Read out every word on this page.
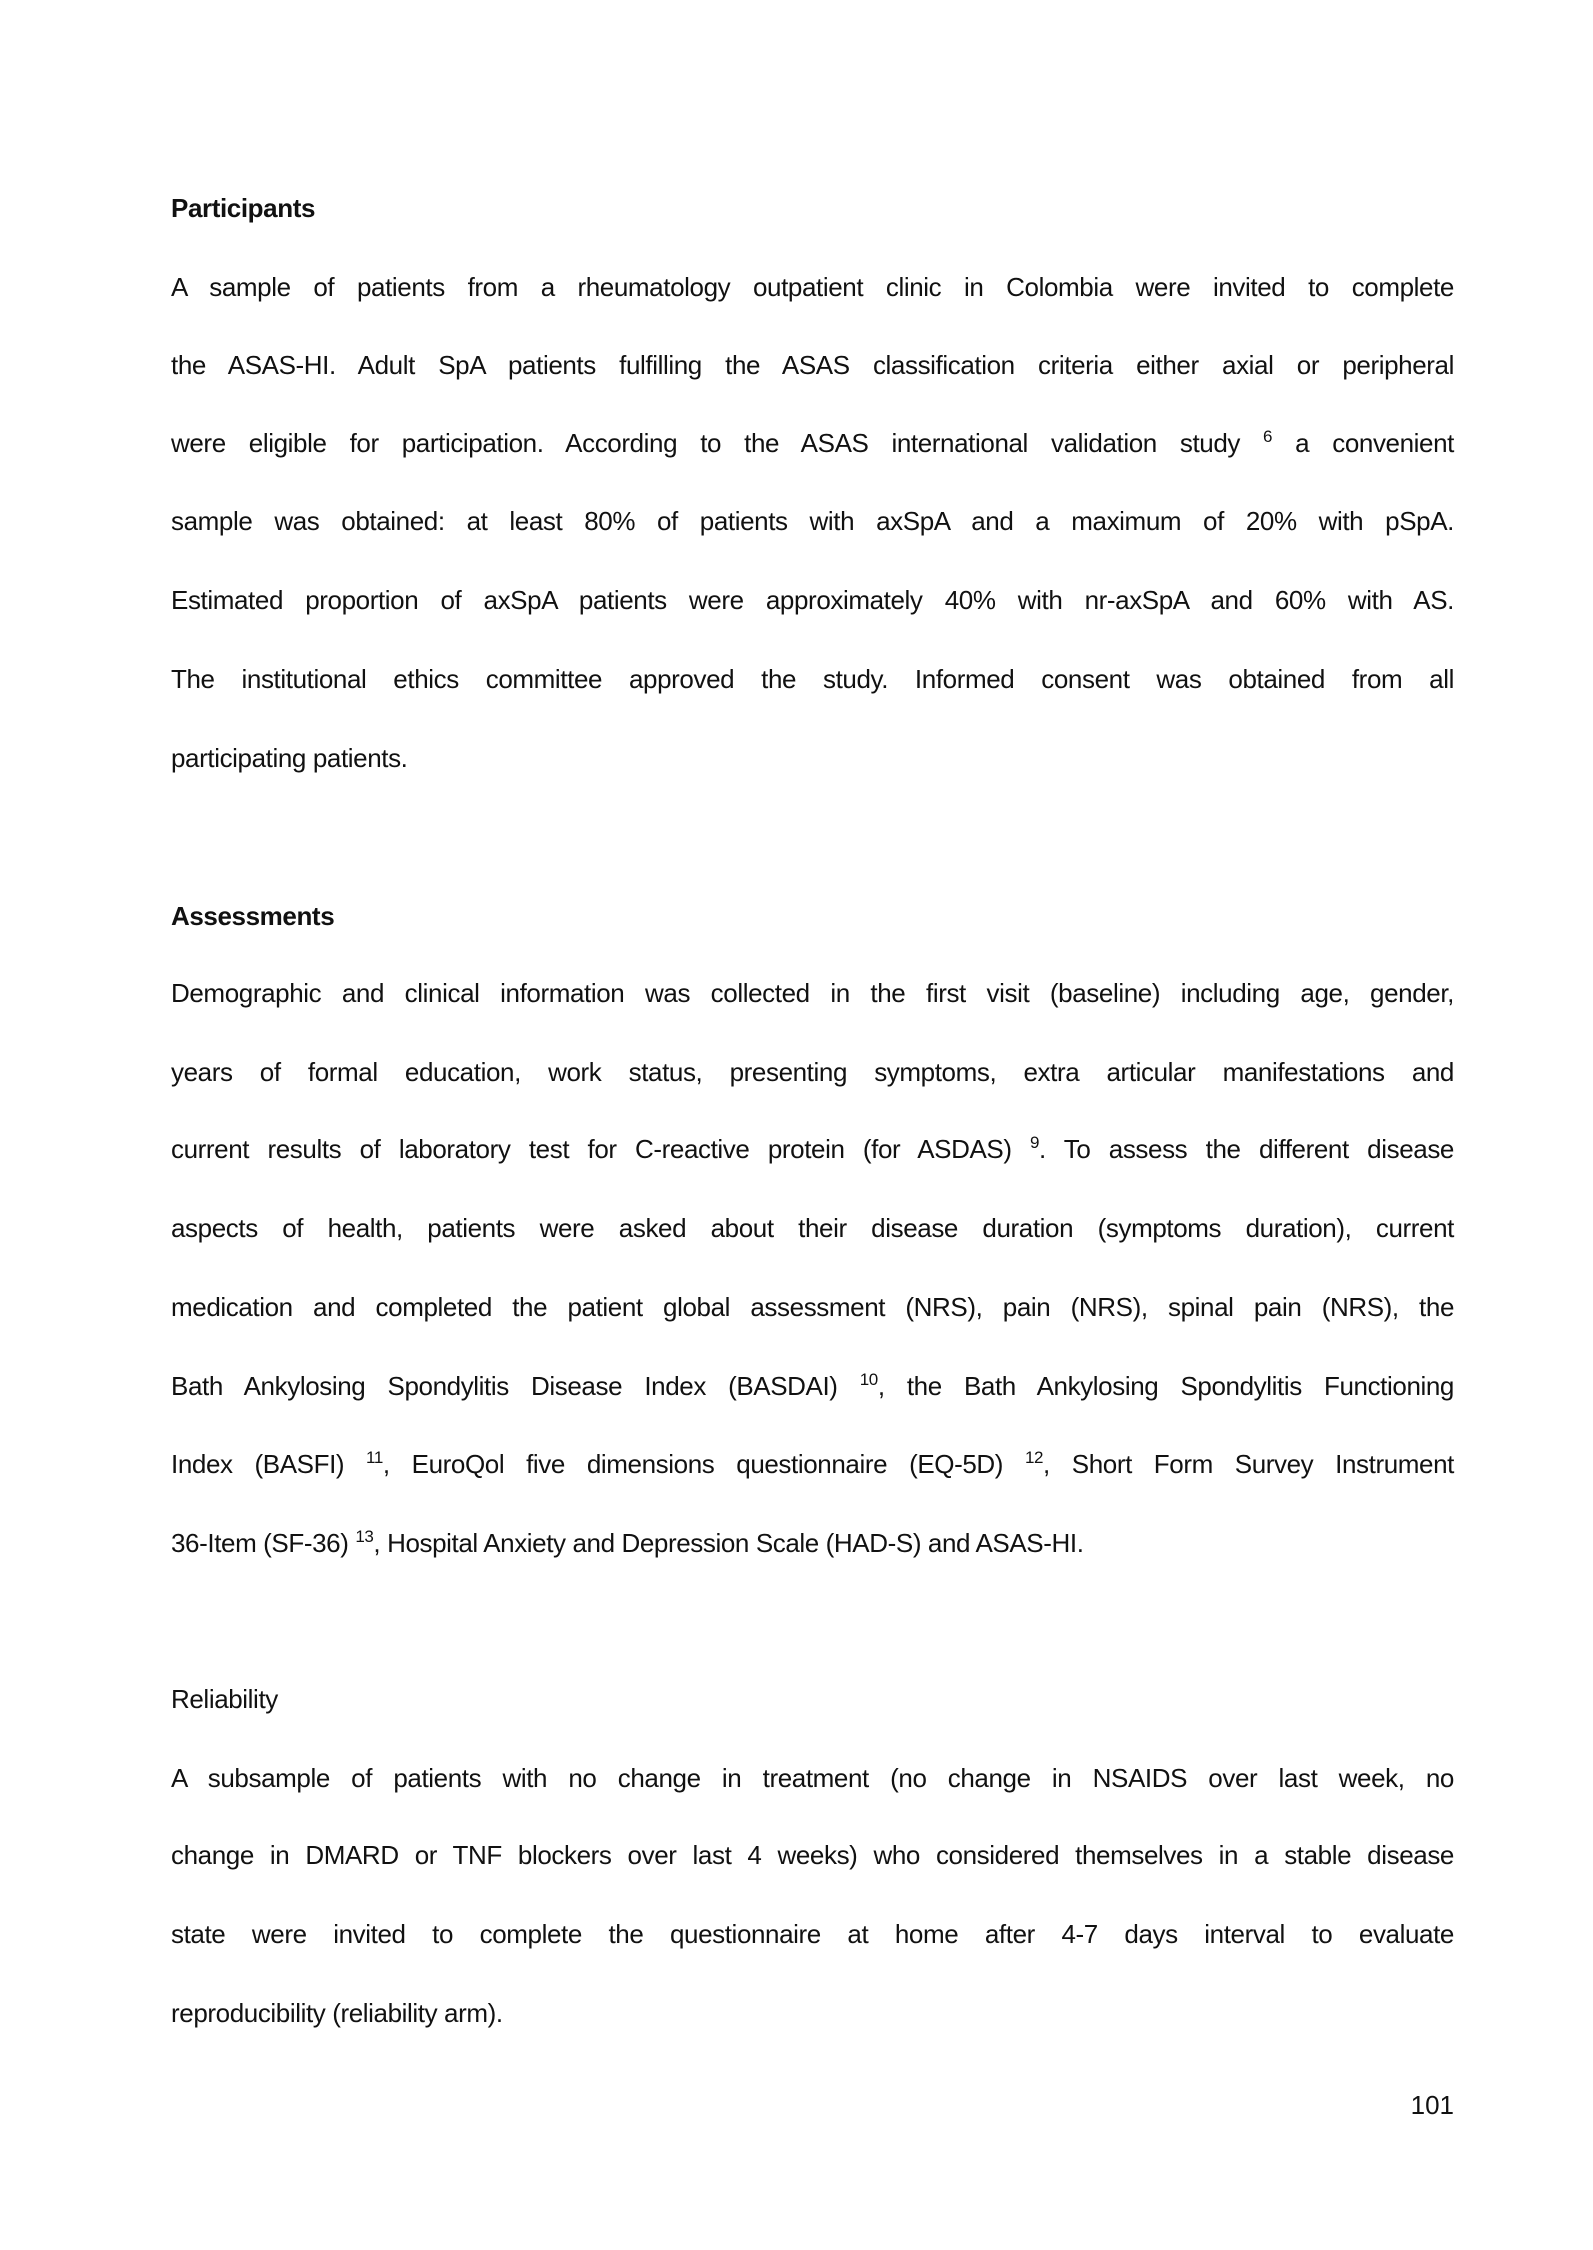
101
Participants
A sample of patients from a rheumatology outpatient clinic in Colombia were invited to complete
the ASAS-HI. Adult SpA patients fulfilling the ASAS classification criteria either axial or peripheral
were eligible for participation. According to the ASAS international validation study $^6$ a convenient
sample was obtained: at least 80% of patients with axSpA and a maximum of 20% with pSpA.
Estimated proportion of axSpA patients were approximately 40% with nr-axSpA and 60% with AS.
The institutional ethics committee approved the study. Informed consent was obtained from all
participating patients.
Assessments
Demographic and clinical information was collected in the first visit (baseline) including age, gender,
years of formal education, work status, presenting symptoms, extra articular manifestations and
current results of laboratory test for C-reactive protein (for ASDAS) $^9$. To assess the different disease
aspects of health, patients were asked about their disease duration (symptoms duration), current
medication and completed the patient global assessment (NRS), pain (NRS), spinal pain (NRS), the
Bath Ankylosing Spondylitis Disease Index (BASDAI) $^{10}$, the Bath Ankylosing Spondylitis Functioning
Index (BASFI) $^{11}$, EuroQol five dimensions questionnaire (EQ-5D) $^{12}$, Short Form Survey Instrument
36-Item (SF-36) $^{13}$, Hospital Anxiety and Depression Scale (HAD-S) and ASAS-HI.
Reliability
A subsample of patients with no change in treatment (no change in NSAIDS over last week, no
change in DMARD or TNF blockers over last 4 weeks) who considered themselves in a stable disease
state were invited to complete the questionnaire at home after 4-7 days interval to evaluate
reproducibility (reliability arm).
